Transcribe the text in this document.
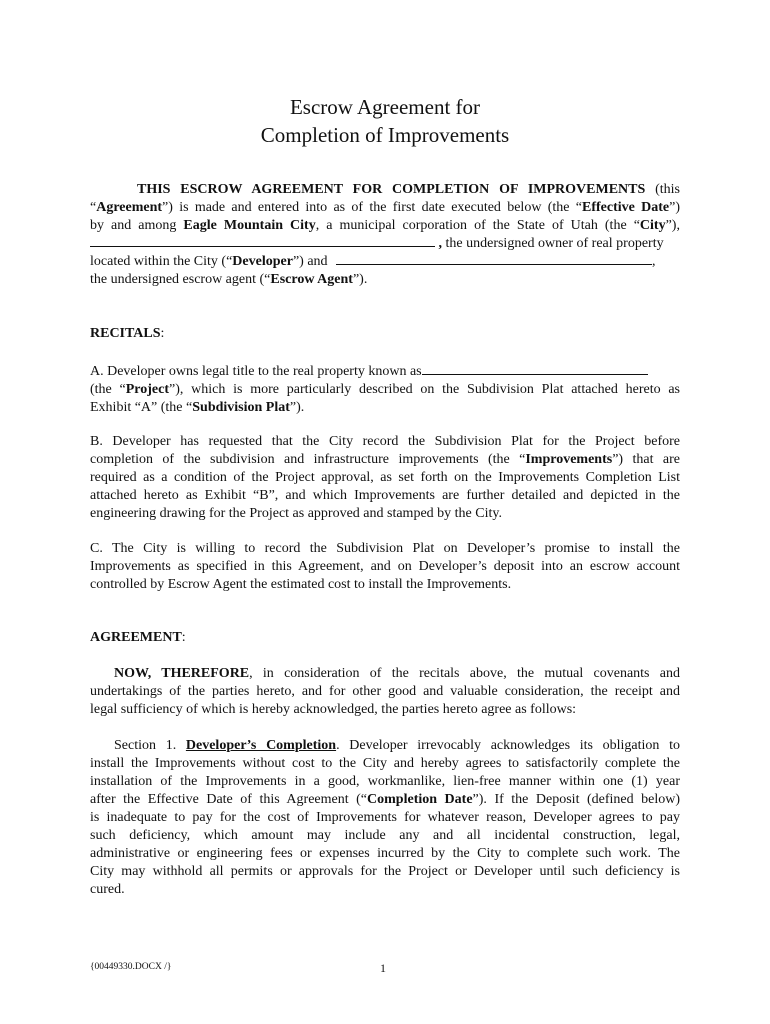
Escrow Agreement for
Completion of Improvements
THIS ESCROW AGREEMENT FOR COMPLETION OF IMPROVEMENTS (this
“Agreement”) is made and entered into as of the first date executed below (the “Effective Date”)
by and among Eagle Mountain City, a municipal corporation of the State of Utah (the “City”),
, the undersigned owner of real property
located within the City (“Developer”) and	,
the undersigned escrow agent (“Escrow Agent”).
RECITALS:
A. Developer owns legal title to the real property known as
(the “Project”), which is more particularly described on the Subdivision Plat attached hereto as
Exhibit “A” (the “Subdivision Plat”).
B. Developer has requested that the City record the Subdivision Plat for the Project before
completion of the subdivision and infrastructure improvements (the “Improvements”) that are
required as a condition of the Project approval, as set forth on the Improvements Completion List
attached hereto as Exhibit “B”, and which Improvements are further detailed and depicted in the
engineering drawing for the Project as approved and stamped by the City.
C. The City is willing to record the Subdivision Plat on Developer’s promise to install the
Improvements as specified in this Agreement, and on Developer’s deposit into an escrow account
controlled by Escrow Agent the estimated cost to install the Improvements.
AGREEMENT:
NOW, THEREFORE, in consideration of the recitals above, the mutual covenants and
undertakings of the parties hereto, and for other good and valuable consideration, the receipt and
legal sufficiency of which is hereby acknowledged, the parties hereto agree as follows:
Section 1. Developer’s Completion. Developer irrevocably acknowledges its obligation to
install the Improvements without cost to the City and hereby agrees to satisfactorily complete the
installation of the Improvements in a good, workmanlike, lien-free manner within one (1) year
after the Effective Date of this Agreement (“Completion Date”). If the Deposit (defined below)
is inadequate to pay for the cost of Improvements for whatever reason, Developer agrees to pay
such deficiency, which amount may include any and all incidental construction, legal,
administrative or engineering fees or expenses incurred by the City to complete such work. The
City may withhold all permits or approvals for the Project or Developer until such deficiency is
cured.
{00449330.DOCX /}	1
